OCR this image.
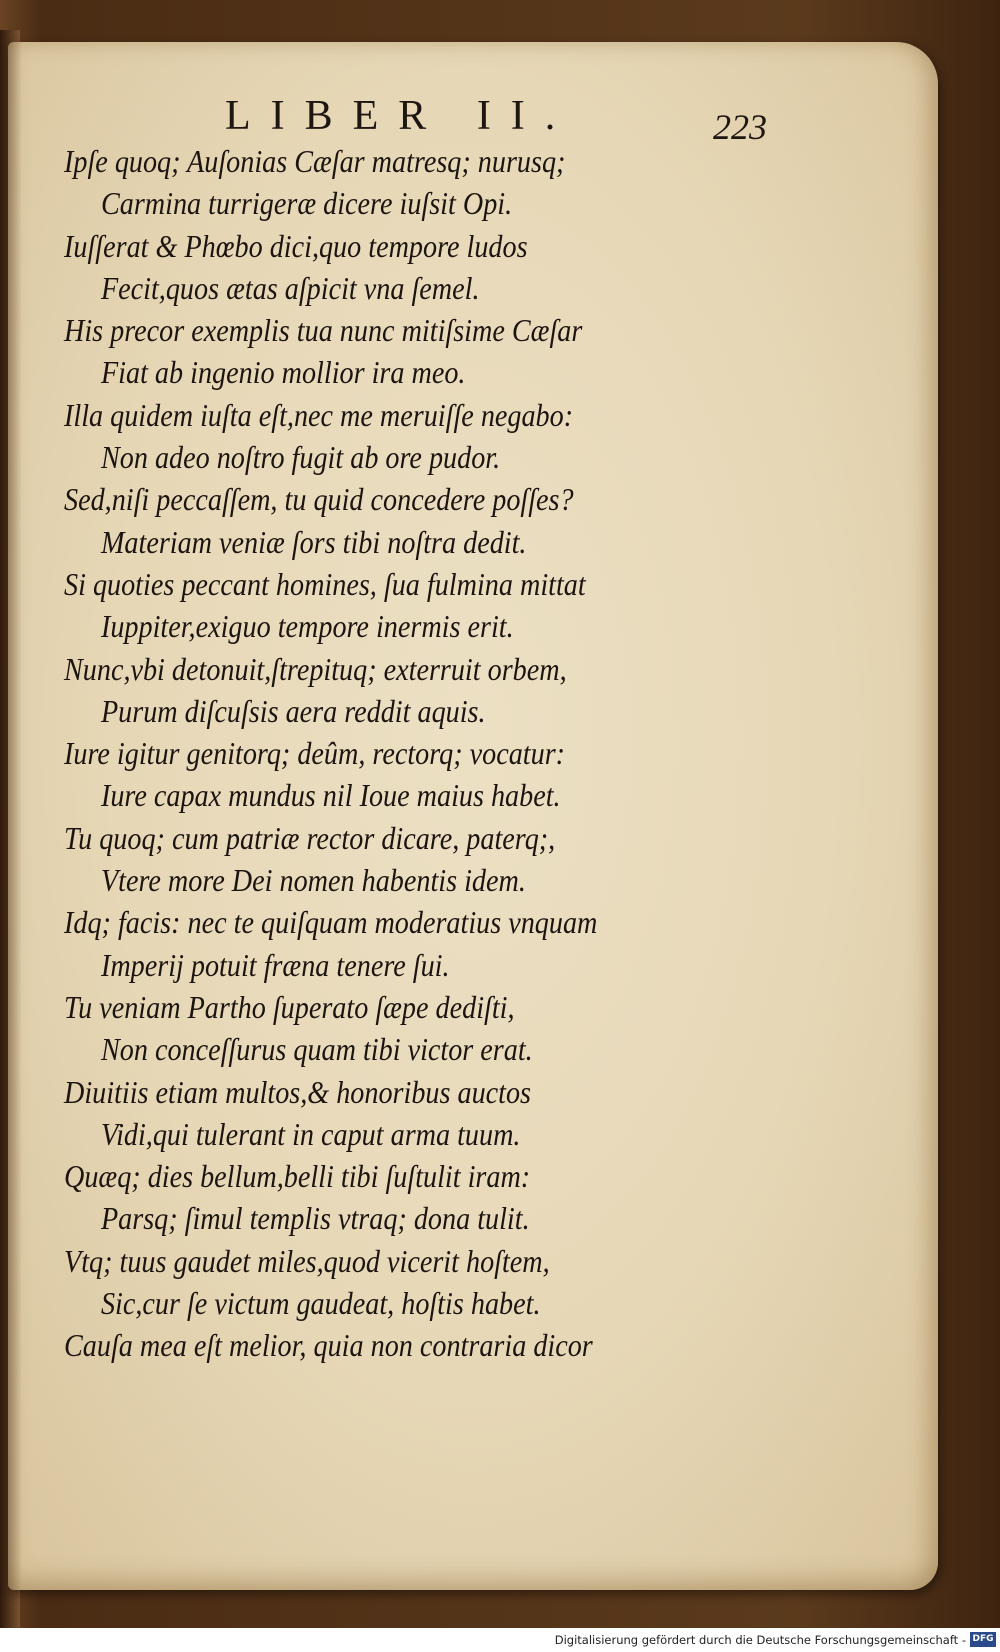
LIBER II.	223
Ipſe quoq; Auſonias Cæſar matresq; nurusq;
Carmina turrigeræ dicere iuſsit Opi.
Iuſſerat & Phœbo dici,quo tempore ludos
Fecit,quos ætas aſpicit vna ſemel.
His precor exemplis tua nunc mitiſsime Cæſar
Fiat ab ingenio mollior ira meo.
Illa quidem iuſta eſt,nec me meruiſſe negabo:
Non adeo noſtro fugit ab ore pudor.
Sed,niſi peccaſſem, tu quid concedere poſſes?
Materiam veniæ ſors tibi noſtra dedit.
Si quoties peccant homines, ſua fulmina mittat
Iuppiter,exiguo tempore inermis erit.
Nunc,vbi detonuit,ſtrepituq; exterruit orbem,
Purum diſcuſsis aera reddit aquis.
Iure igitur genitorq; deûm, rectorq; vocatur:
Iure capax mundus nil Ioue maius habet.
Tu quoq; cum patriæ rector dicare, paterq;,
Vtere more Dei nomen habentis idem.
Idq; facis: nec te quiſquam moderatius vnquam
Imperij potuit fræna tenere ſui.
Tu veniam Partho ſuperato ſæpe dediſti,
Non conceſſurus quam tibi victor erat.
Diuitiis etiam multos,& honoribus auctos
Vidi,qui tulerant in caput arma tuum.
Quæq; dies bellum,belli tibi ſuſtulit iram:
Parsq; ſimul templis vtraq; dona tulit.
Vtq; tuus gaudet miles,quod vicerit hoſtem,
Sic,cur ſe victum gaudeat, hoſtis habet.
Cauſa mea eſt melior, quia non contraria dicor
Digitalisierung gefördert durch die Deutsche Forschungsgemeinschaft - DFG
